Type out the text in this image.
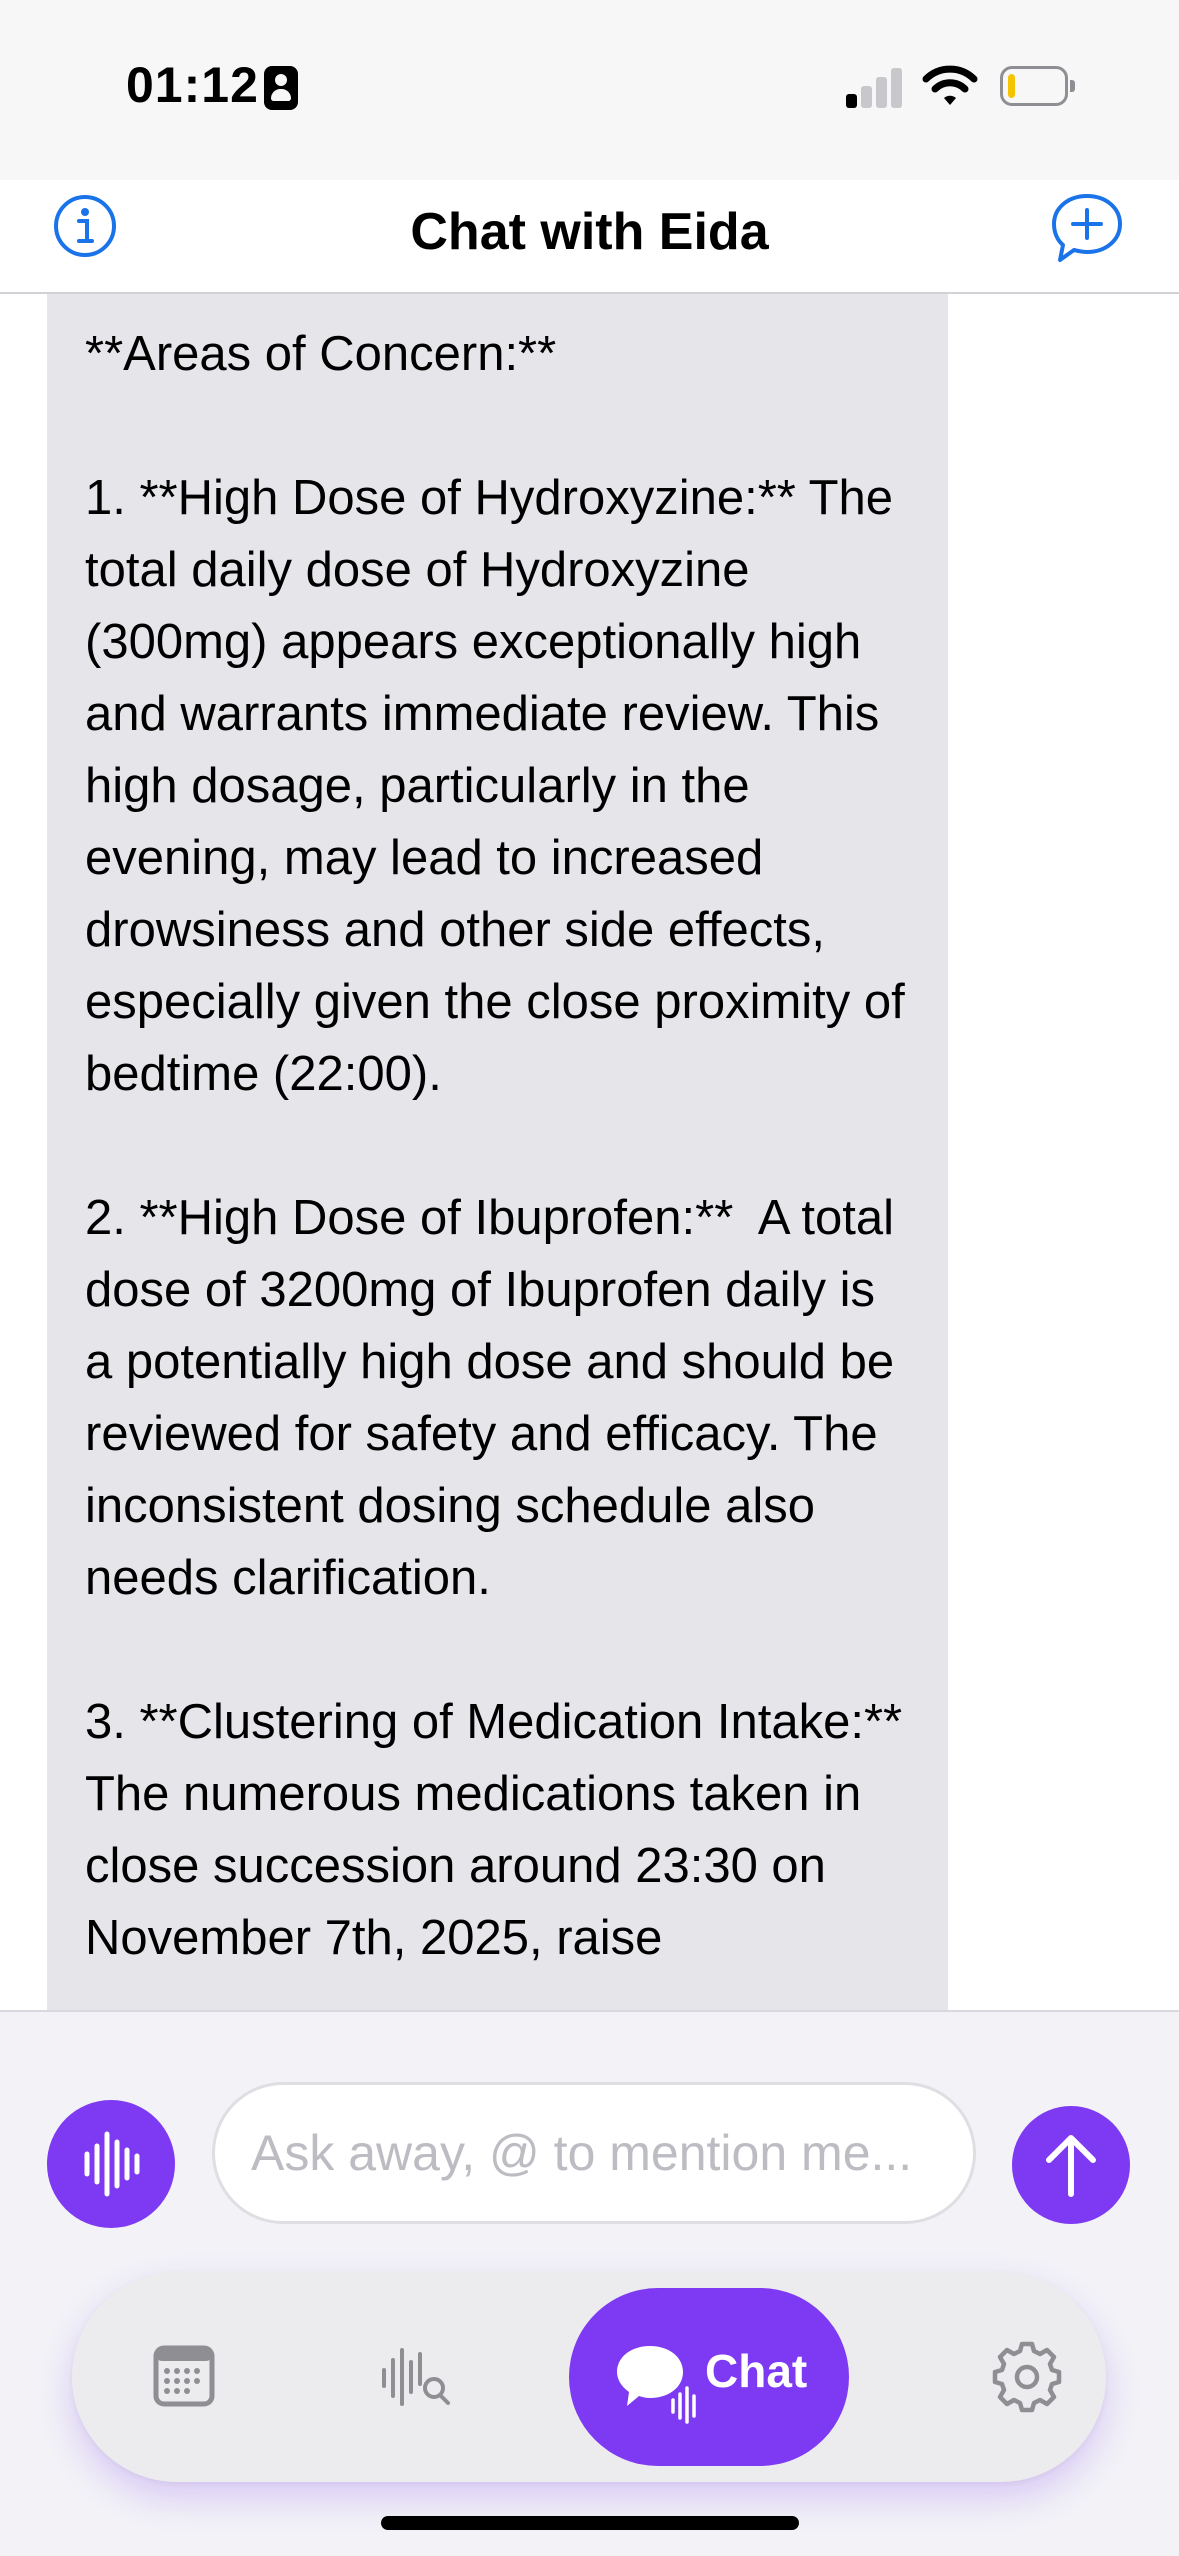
01:12
Chat with Eida

**Areas of Concern:**

1. **High Dose of Hydroxyzine:** The total daily dose of Hydroxyzine (300mg) appears exceptionally high and warrants immediate review. This high dosage, particularly in the evening, may lead to increased drowsiness and other side effects, especially given the close proximity of bedtime (22:00).

2. **High Dose of Ibuprofen:**  A total dose of 3200mg of Ibuprofen daily is a potentially high dose and should be reviewed for safety and efficacy. The inconsistent dosing schedule also needs clarification.

3. **Clustering of Medication Intake:** The numerous medications taken in close succession around 23:30 on November 7th, 2025, raise

Ask away, @ to mention me...
Chat
